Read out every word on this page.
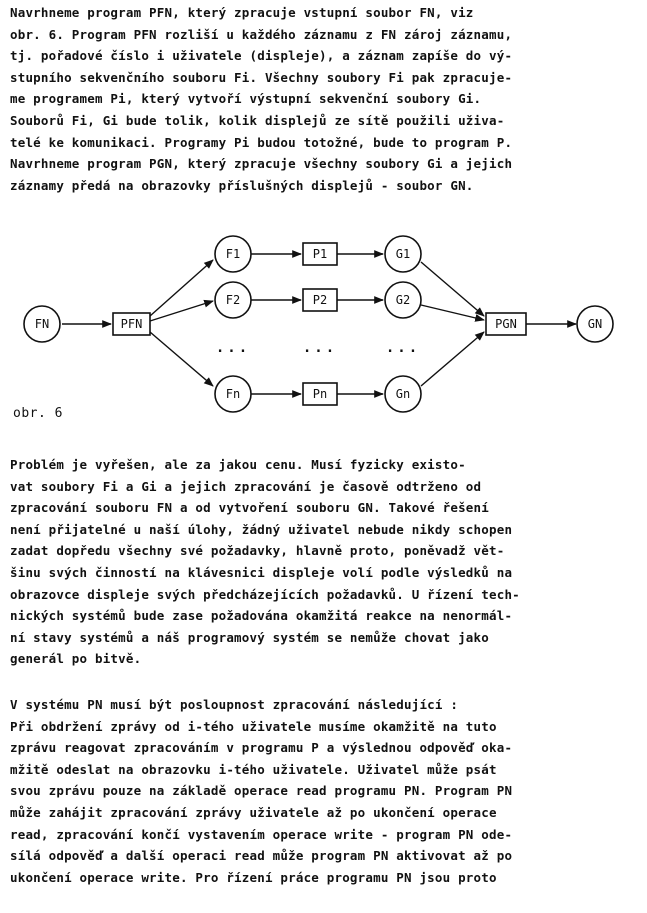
Navrhneme program PFN, který zpracuje vstupní soubor FN, viz
obr. 6. Program PFN rozliší u každého záznamu z FN zároj záznamu,
tj. pořadové číslo i uživatele (displeje), a záznam zapíše do vý-
stupního sekvenčního souboru Fi. Všechny soubory Fi pak zpracuje-
me programem Pi, který vytvoří výstupní sekvenční soubory Gi.
Souborů Fi, Gi bude tolik, kolik displejů ze sítě použili uživa-
telé ke komunikaci. Programy Pi budou totožné, bude to program P.
Navrhneme program PGN, který zpracuje všechny soubory Gi a jejich
záznamy předá na obrazovky příslušných displejů - soubor GN.

FN	PFN
F1	P1	G1
F2	P2	G2
...	...	...
Fn	Pn	Gn
PGN	GN

obr. 6

Problém je vyřešen, ale za jakou cenu. Musí fyzicky existo-
vat soubory Fi a Gi a jejich zpracování je časově odtrženo od
zpracování souboru FN a od vytvoření souboru GN. Takové řešení
není přijatelné u naší úlohy, žádný uživatel nebude nikdy schopen
zadat dopředu všechny své požadavky, hlavně proto, poněvadž vět-
šinu svých činností na klávesnici displeje volí podle výsledků na
obrazovce displeje svých předcházejících požadavků. U řízení tech-
nických systémů bude zase požadována okamžitá reakce na nenormál-
ní stavy systémů a náš programový systém se nemůže chovat jako
generál po bitvě.

V systému PN musí být posloupnost zpracování následující :
Při obdržení zprávy od i-tého uživatele musíme okamžitě na tuto
zprávu reagovat zpracováním v programu P a výslednou odpověď oka-
mžitě odeslat na obrazovku i-tého uživatele. Uživatel může psát
svou zprávu pouze na základě operace read programu PN. Program PN
může zahájit zpracování zprávy uživatele až po ukončení operace
read, zpracování končí vystavením operace write - program PN ode-
sílá odpověď a další operaci read může program PN aktivovat až po
ukončení operace write. Pro řízení práce programu PN jsou proto
